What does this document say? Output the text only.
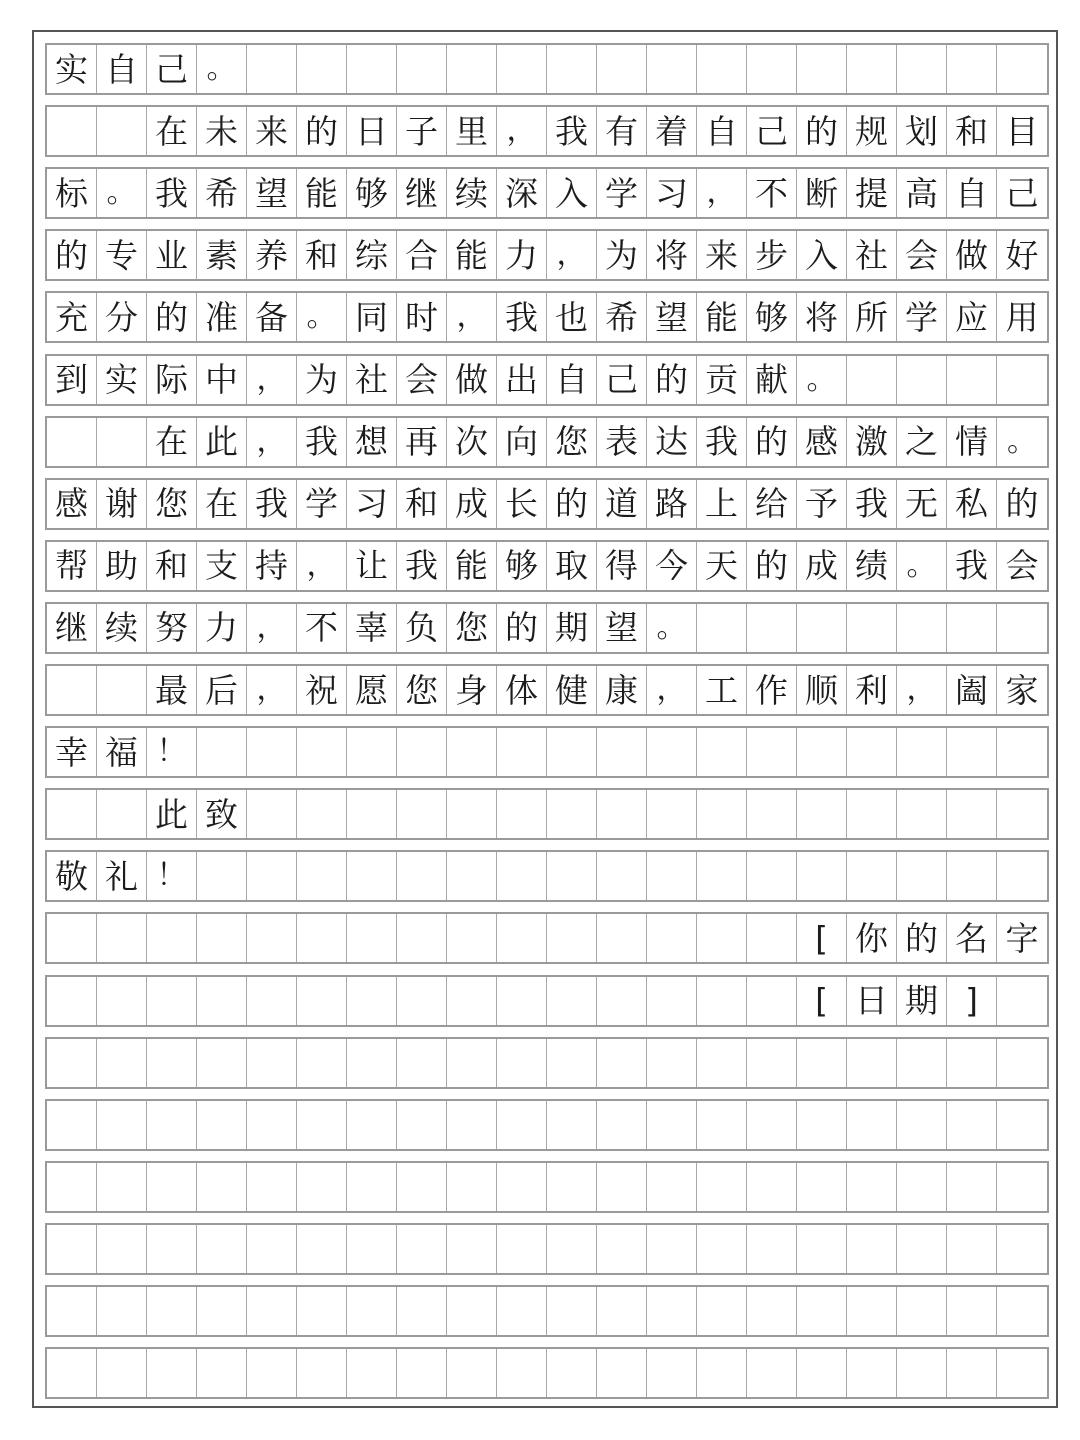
实 自 己 。
在 未 来 的 日 子 里 ， 我 有 着 自 己 的 规 划 和 目
标 。 我 希 望 能 够 继 续 深 入 学 习 ， 不 断 提 高 自 己
的 专 业 素 养 和 综 合 能 力 ， 为 将 来 步 入 社 会 做 好
充 分 的 准 备 。 同 时 ， 我 也 希 望 能 够 将 所 学 应 用
到 实 际 中 ， 为 社 会 做 出 自 己 的 贡 献 。
在 此 ， 我 想 再 次 向 您 表 达 我 的 感 激 之 情 。
感 谢 您 在 我 学 习 和 成 长 的 道 路 上 给 予 我 无 私 的
帮 助 和 支 持 ， 让 我 能 够 取 得 今 天 的 成 绩 。 我 会
继 续 努 力 ， 不 辜 负 您 的 期 望 。
最 后 ， 祝 愿 您 身 体 健 康 ， 工 作 顺 利 ， 阖 家
幸 福 ！
此 致
敬 礼 ！
[ 你 的 名 字
[ 日 期 ]
